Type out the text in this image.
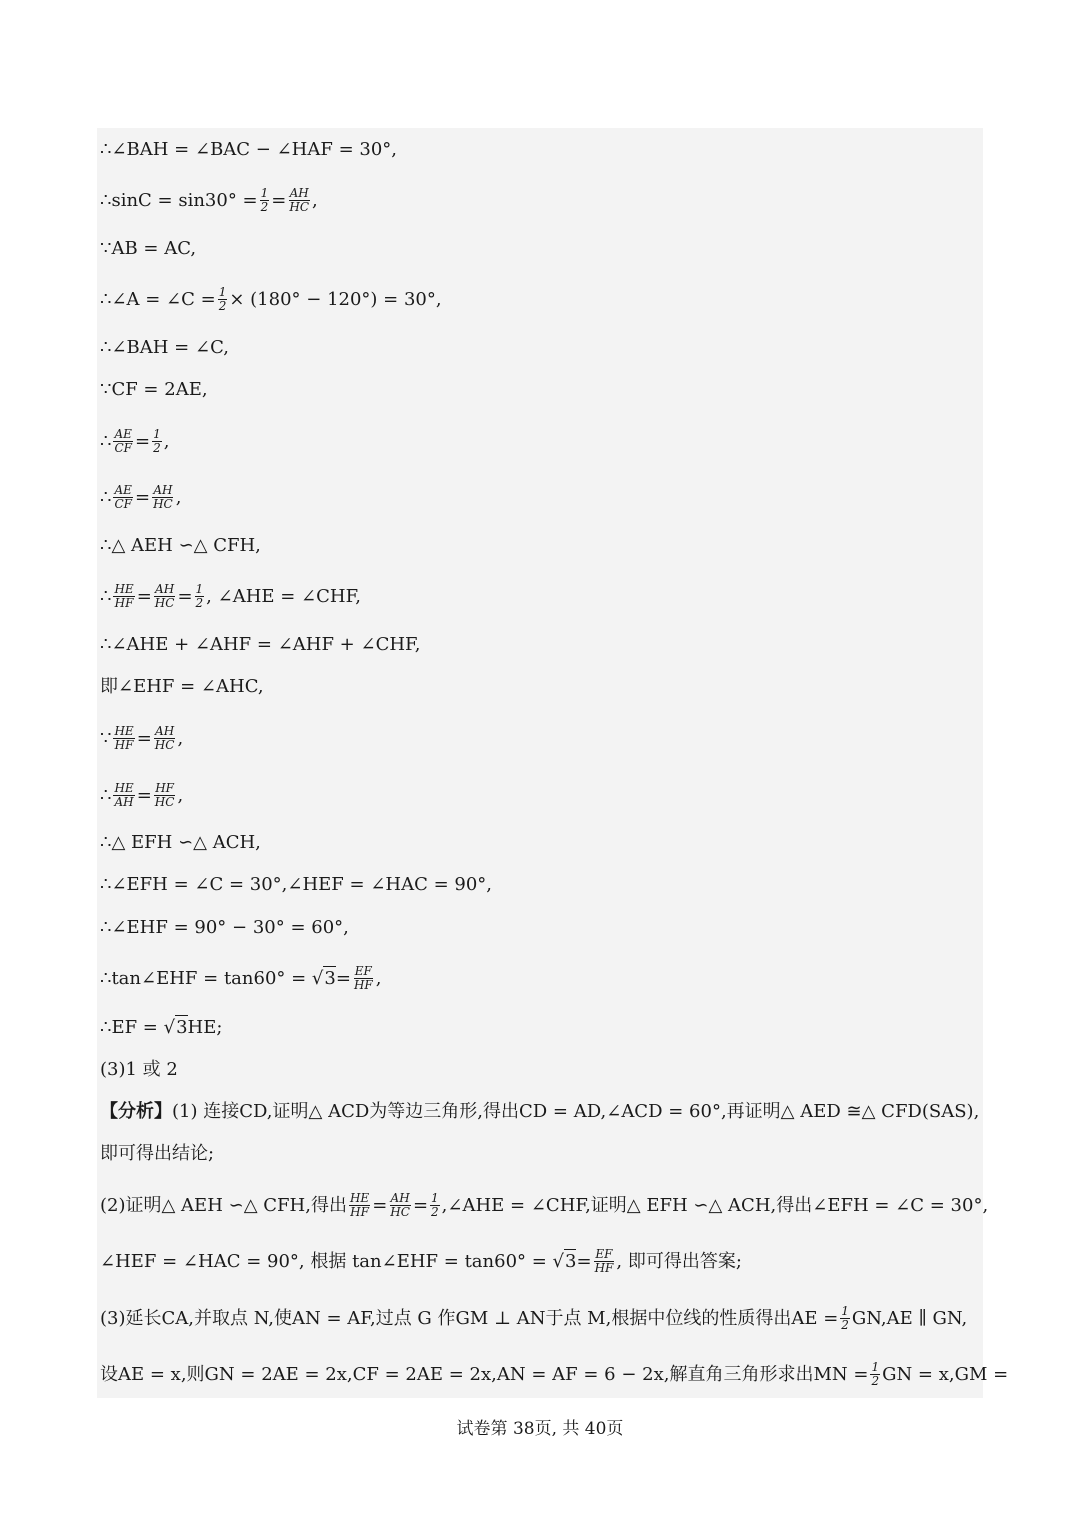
∴∠BAH = ∠BAC − ∠HAF = 30°,
∴sinC = $\sin 30^\circ = \frac{1}{2} = \frac{AH}{HC}$ ,
∵AB = AC,
∴∠A = ∠C = $\frac{1}{2} \times (180^\circ - 120^\circ) = 30^\circ$,
∴∠BAH = ∠C,
∵CF = 2AE,
∴ $\frac{AE}{CF} = \frac{1}{2}$ ,
∴ $\frac{AE}{CF} = \frac{AH}{HC}$ ,
∴△ AEH ∽△ CFH,
∴ $\frac{HE}{HF} = \frac{AH}{HC} = \frac{1}{2}$ , ∠AHE = ∠CHF,
∴∠AHE + ∠AHF = ∠AHF + ∠CHF,
即∠EHF = ∠AHC,
∵ $\frac{HE}{HF} = \frac{AH}{HC}$ ,
∴ $\frac{HE}{AH} = \frac{HF}{HC}$ ,
∴△ EFH ∽△ ACH,
∴∠EFH = ∠C = 30°,∠HEF = ∠HAC = 90°,
∴∠EHF = 90° − 30° = 60°,
∴tan∠EHF = tan60° = √ $3 = \frac{EF}{HF}$ ,
∴EF = √ 3 HE;
(3)1 或 2
【分析】 (1) 连接CD,证明△ ACD为等边三角形,得出CD = AD,∠ACD = 60°,再证明△ AED ≅△ CFD(SAS),
即可得出结论;
(2)证明△ AEH ∽△ CFH,得出 $\frac{HE}{HF} = \frac{AH}{HC} = \frac{1}{2}$ ,∠AHE = ∠CHF,证明△ EFH ∽△ ACH,得出∠EFH = ∠C = 30°,
∠HEF = ∠HAC = 90°, 根据 tan∠EHF = tan60° = √ $3 = \frac{EF}{HF}$ , 即可得出答案;
(3)延长CA,并取点 N,使AN = AF,过点 G 作GM ⊥ AN于点 M,根据中位线的性质得出AE = $\frac{1}{2} GN,AE$ ∥ GN,
设AE = x,则GN = 2AE = 2x,CF = 2AE = 2x,AN = AF = 6 − 2x,解直角三角形求出MN = $\frac{1}{2}$ GN = x,GM =
试卷第 38页, 共 40页
